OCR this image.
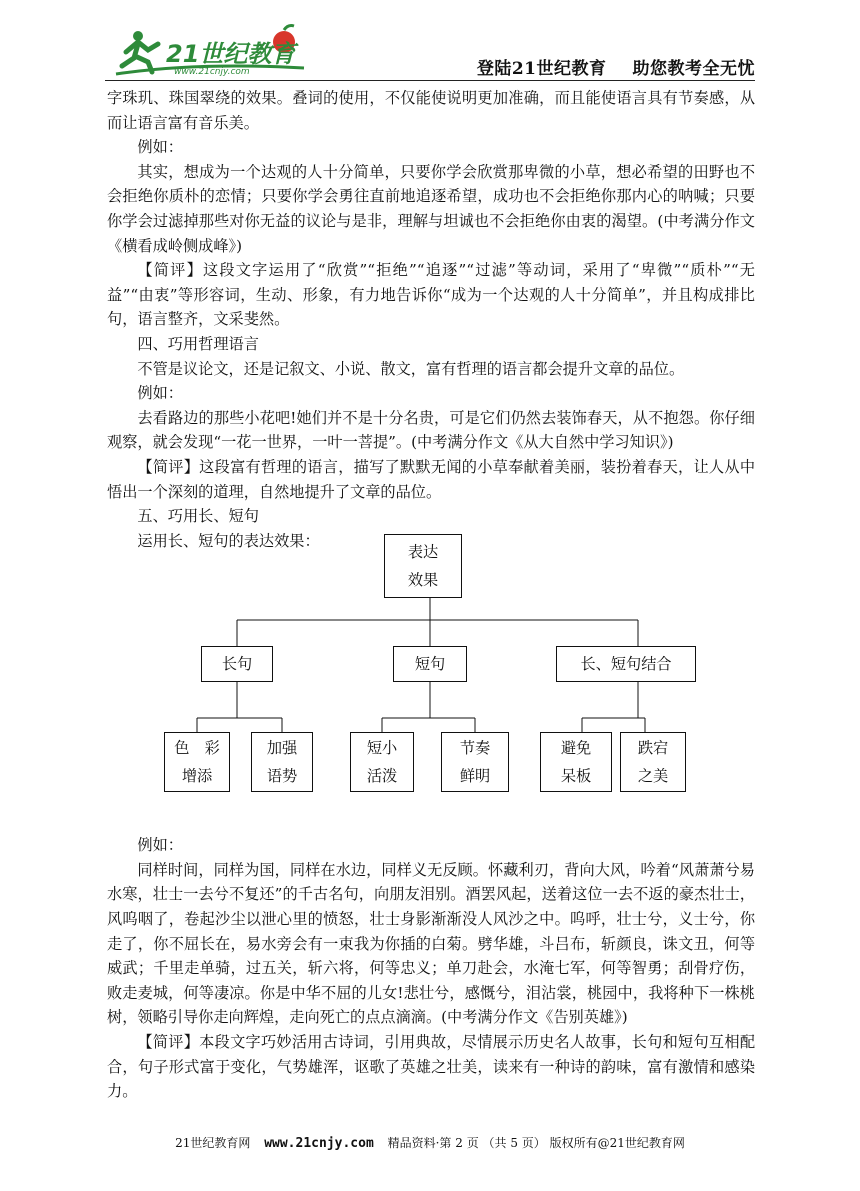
21世纪教育
www.21cnjy.com	登陆21世纪教育 助您教考全无忧

字珠玑、珠国翠绕的效果。叠词的使用，不仅能使说明更加准确，而且能使语言具有节奏感，从而让语言富有音乐美。

例如：

其实，想成为一个达观的人十分简单，只要你学会欣赏那卑微的小草，想必希望的田野也不会拒绝你质朴的恋情；只要你学会勇往直前地追逐希望，成功也不会拒绝你那内心的呐喊；只要你学会过滤掉那些对你无益的议论与是非，理解与坦诚也不会拒绝你由衷的渴望。(中考满分作文《横看成岭侧成峰》)

【简评】这段文字运用了“欣赏”“拒绝”“追逐”“过滤”等动词，采用了“卑微”“质朴”“无益”“由衷”等形容词，生动、形象，有力地告诉你“成为一个达观的人十分简单”，并且构成排比句，语言整齐，文采斐然。

四、巧用哲理语言

不管是议论文，还是记叙文、小说、散文，富有哲理的语言都会提升文章的品位。

例如：

去看路边的那些小花吧!她们并不是十分名贵，可是它们仍然去装饰春天，从不抱怨。你仔细观察，就会发现“一花一世界，一叶一菩提”。(中考满分作文《从大自然中学习知识》)

【简评】这段富有哲理的语言，描写了默默无闻的小草奉献着美丽，装扮着春天，让人从中悟出一个深刻的道理，自然地提升了文章的品位。

五、巧用长、短句

运用长、短句的表达效果：

例如：

同样时间，同样为国，同样在水边，同样义无反顾。怀藏利刃，背向大风，吟着“风萧萧兮易水寒，壮士一去兮不复还”的千古名句，向朋友泪别。酒罢风起，送着这位一去不返的豪杰壮士，风呜咽了，卷起沙尘以泄心里的愤怒，壮士身影渐渐没人风沙之中。呜呼，壮士兮，义士兮，你走了，你不屈长在，易水旁会有一束我为你插的白菊。劈华雄，斗吕布，斩颜良，诛文丑，何等威武；千里走单骑，过五关，斩六将，何等忠义；单刀赴会，水淹七军，何等智勇；刮骨疗伤，败走麦城，何等凄凉。你是中华不屈的儿女!悲壮兮，感慨兮，泪沾裳，桃园中，我将种下一株桃树，领略引导你走向辉煌，走向死亡的点点滴滴。(中考满分作文《告别英雄》)

【简评】本段文字巧妙活用古诗词，引用典故，尽情展示历史名人故事，长句和短句互相配合，句子形式富于变化，气势雄浑，讴歌了英雄之壮美，读来有一种诗的韵味，富有激情和感染力。

表达
效果
长句	短句	长、短句结合
色　彩
增添
加强
语势
短小
活泼
节奏
鲜明
避免
呆板
跌宕
之美
21世纪教育网 www.21cnjy.com 精品资料·第 2 页 （共 5 页） 版权所有@21世纪教育网
